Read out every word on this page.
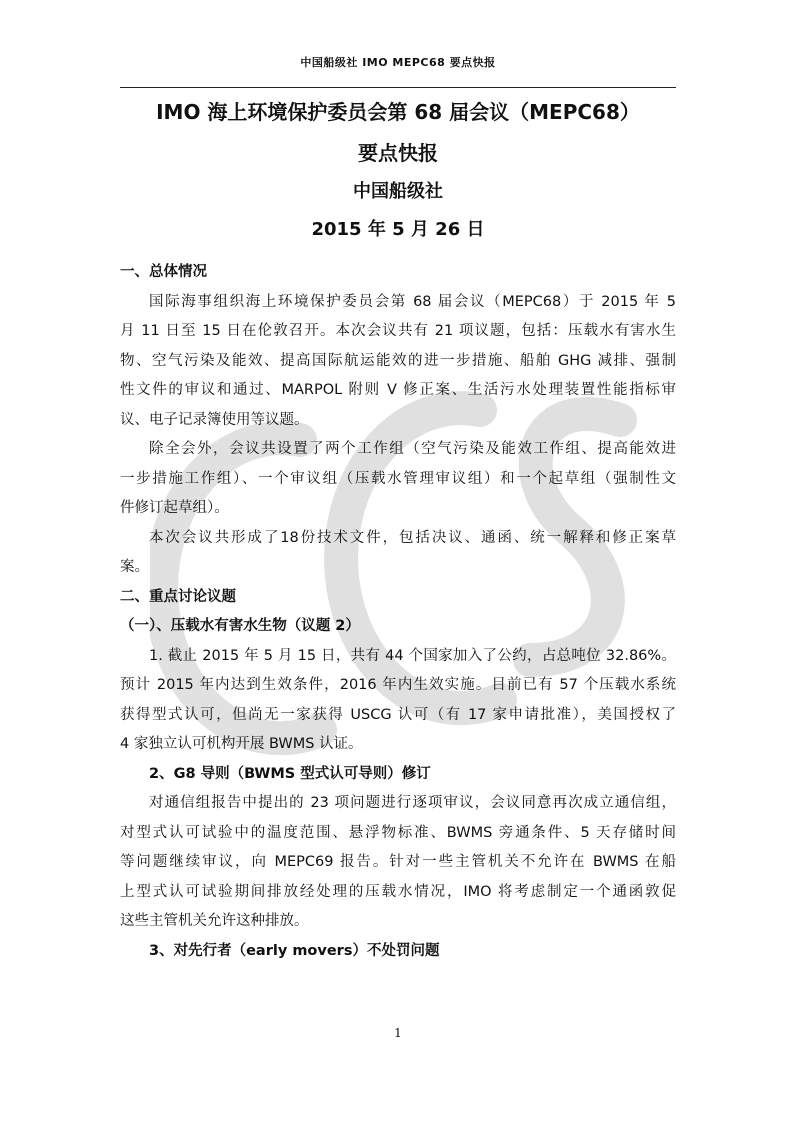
中国船级社 IMO MEPC68 要点快报
IMO 海上环境保护委员会第 68 届会议（MEPC68）
要点快报
中国船级社
2015 年 5 月 26 日
一、总体情况
国际海事组织海上环境保护委员会第 68 届会议（MEPC68）于 2015 年 5
月 11 日至 15 日在伦敦召开。本次会议共有 21 项议题，包括：压载水有害水生
物、空气污染及能效、提高国际航运能效的进一步措施、船舶 GHG 减排、强制
性文件的审议和通过、MARPOL 附则 V 修正案、生活污水处理装置性能指标审
议、电子记录簿使用等议题。
除全会外，会议共设置了两个工作组（空气污染及能效工作组、提高能效进
一步措施工作组）、一个审议组（压载水管理审议组）和一个起草组（强制性文
件修订起草组）。
本次会议共形成了18份技术文件，包括决议、通函、统一解释和修正案草
案。
二、重点讨论议题
（一）、压载水有害水生物（议题 2）
1. 截止 2015 年 5 月 15 日，共有 44 个国家加入了公约，占总吨位 32.86%。
预计 2015 年内达到生效条件，2016 年内生效实施。目前已有 57 个压载水系统
获得型式认可，但尚无一家获得 USCG 认可（有 17 家申请批准），美国授权了
4 家独立认可机构开展 BWMS 认证。
2、G8 导则（BWMS 型式认可导则）修订
对通信组报告中提出的 23 项问题进行逐项审议，会议同意再次成立通信组，
对型式认可试验中的温度范围、悬浮物标准、BWMS 旁通条件、5 天存储时间
等问题继续审议，向 MEPC69 报告。针对一些主管机关不允许在 BWMS 在船
上型式认可试验期间排放经处理的压载水情况，IMO 将考虑制定一个通函敦促
这些主管机关允许这种排放。
3、对先行者（early movers）不处罚问题
1
